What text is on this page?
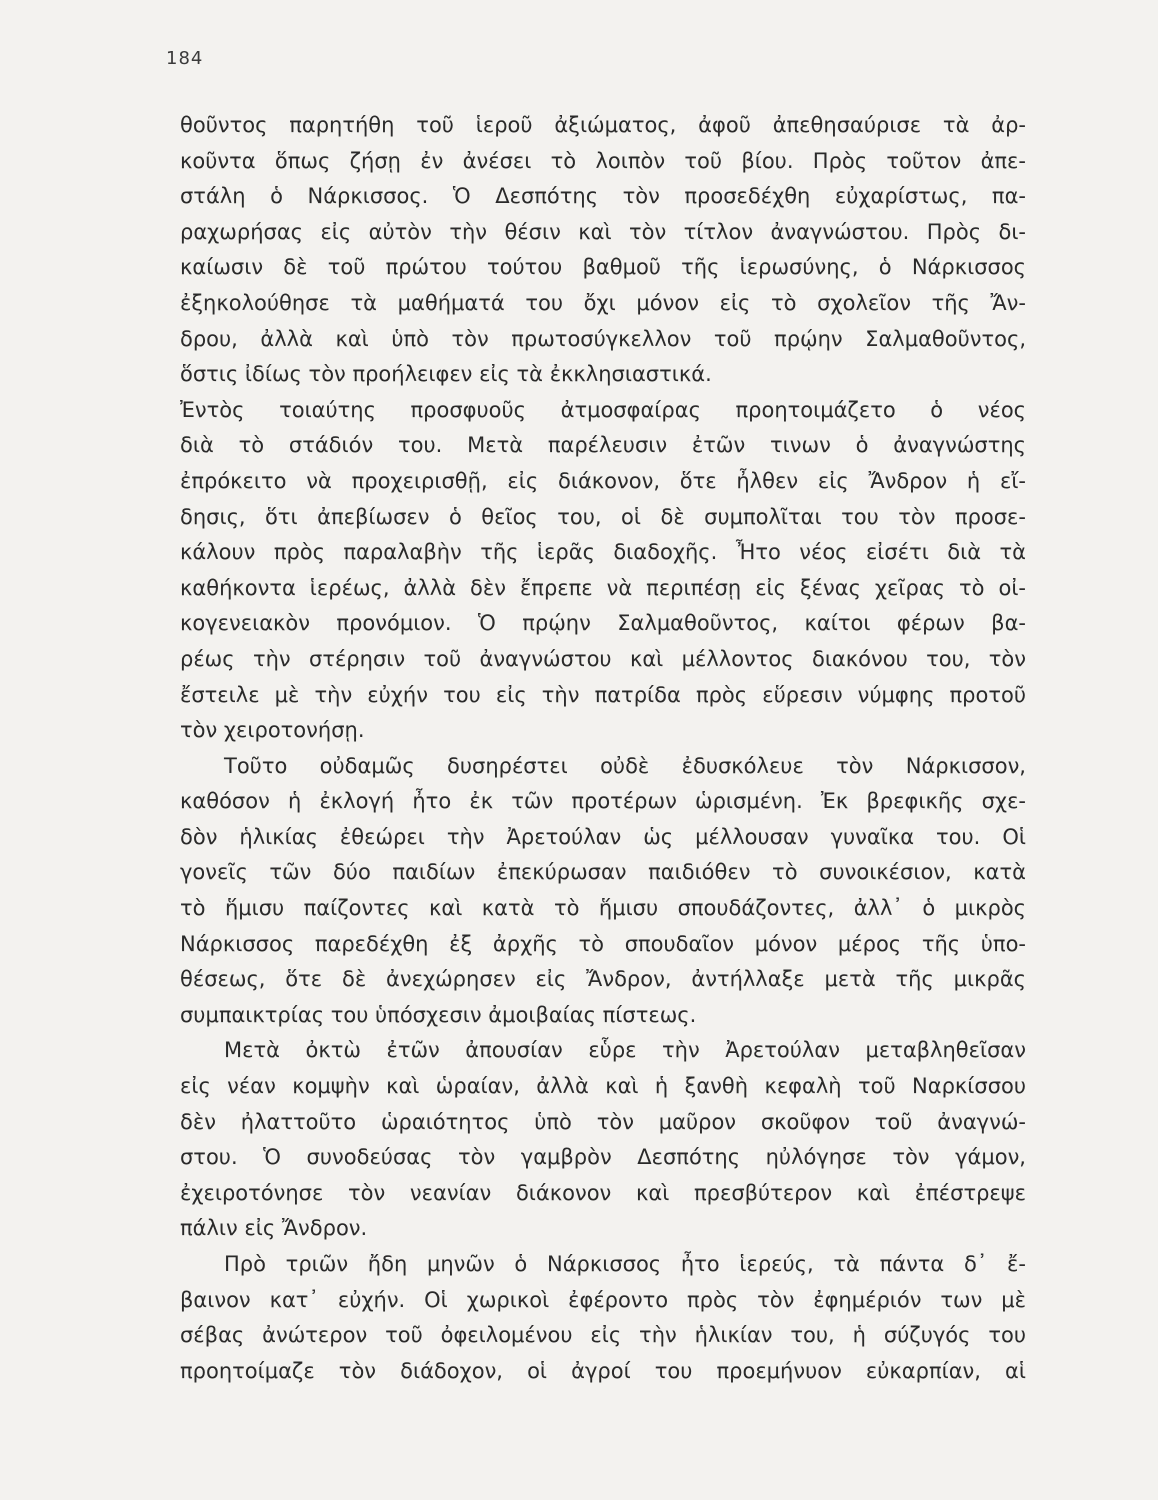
184
θοῦντος παρητήθη τοῦ ἱεροῦ ἀξιώματος, ἀφοῦ ἀπεθησαύρισε τὰ ἀρ-
κοῦντα ὅπως ζήσῃ ἐν ἀνέσει τὸ λοιπὸν τοῦ βίου. Πρὸς τοῦτον ἀπε-
στάλη ὁ Νάρκισσος. Ὁ Δεσπότης τὸν προσεδέχθη εὐχαρίστως, πα-
ραχωρήσας εἰς αὐτὸν τὴν θέσιν καὶ τὸν τίτλον ἀναγνώστου. Πρὸς δι-
καίωσιν δὲ τοῦ πρώτου τούτου βαθμοῦ τῆς ἱερωσύνης, ὁ Νάρκισσος
ἐξηκολούθησε τὰ μαθήματά του ὄχι μόνον εἰς τὸ σχολεῖον τῆς Ἄν-
δρου, ἀλλὰ καὶ ὑπὸ τὸν πρωτοσύγκελλον τοῦ πρῴην Σαλμαθοῦντος,
ὅστις ἰδίως τὸν προήλειφεν εἰς τὰ ἐκκλησιαστικά.
Ἐντὸς τοιαύτης προσφυοῦς ἀτμοσφαίρας προητοιμάζετο ὁ νέος
διὰ τὸ στάδιόν του. Μετὰ παρέλευσιν ἐτῶν τινων ὁ ἀναγνώστης
ἐπρόκειτο νὰ προχειρισθῇ, εἰς διάκονον, ὅτε ἦλθεν εἰς Ἄνδρον ἡ εἴ-
δησις, ὅτι ἀπεβίωσεν ὁ θεῖος του, οἱ δὲ συμπολῖται του τὸν προσε-
κάλουν πρὸς παραλαβὴν τῆς ἱερᾶς διαδοχῆς. Ἦτο νέος εἰσέτι διὰ τὰ
καθήκοντα ἱερέως, ἀλλὰ δὲν ἔπρεπε νὰ περιπέσῃ εἰς ξένας χεῖρας τὸ οἰ-
κογενειακὸν προνόμιον. Ὁ πρῴην Σαλμαθοῦντος, καίτοι φέρων βα-
ρέως τὴν στέρησιν τοῦ ἀναγνώστου καὶ μέλλοντος διακόνου του, τὸν
ἔστειλε μὲ τὴν εὐχήν του εἰς τὴν πατρίδα πρὸς εὕρεσιν νύμφης προτοῦ
τὸν χειροτονήσῃ.
Τοῦτο οὐδαμῶς δυσηρέστει οὐδὲ ἐδυσκόλευε τὸν Νάρκισσον,
καθόσον ἡ ἐκλογή ἦτο ἐκ τῶν προτέρων ὡρισμένη. Ἐκ βρεφικῆς σχε-
δὸν ἡλικίας ἐθεώρει τὴν Ἀρετούλαν ὡς μέλλουσαν γυναῖκα του. Οἱ
γονεῖς τῶν δύο παιδίων ἐπεκύρωσαν παιδιόθεν τὸ συνοικέσιον, κατὰ
τὸ ἥμισυ παίζοντες καὶ κατὰ τὸ ἥμισυ σπουδάζοντες, ἀλλ᾽ ὁ μικρὸς
Νάρκισσος παρεδέχθη ἐξ ἀρχῆς τὸ σπουδαῖον μόνον μέρος τῆς ὑπο-
θέσεως, ὅτε δὲ ἀνεχώρησεν εἰς Ἄνδρον, ἀντήλλαξε μετὰ τῆς μικρᾶς
συμπαικτρίας του ὑπόσχεσιν ἀμοιβαίας πίστεως.
Μετὰ ὀκτὼ ἐτῶν ἀπουσίαν εὗρε τὴν Ἀρετούλαν μεταβληθεῖσαν
εἰς νέαν κομψὴν καὶ ὡραίαν, ἀλλὰ καὶ ἡ ξανθὴ κεφαλὴ τοῦ Ναρκίσσου
δὲν ἠλαττοῦτο ὡραιότητος ὑπὸ τὸν μαῦρον σκοῦφον τοῦ ἀναγνώ-
στου. Ὁ συνοδεύσας τὸν γαμβρὸν Δεσπότης ηὐλόγησε τὸν γάμον,
ἐχειροτόνησε τὸν νεανίαν διάκονον καὶ πρεσβύτερον καὶ ἐπέστρεψε
πάλιν εἰς Ἄνδρον.
Πρὸ τριῶν ἤδη μηνῶν ὁ Νάρκισσος ἦτο ἱερεύς, τὰ πάντα δ᾽ ἔ-
βαινον κατ᾽ εὐχήν. Οἱ χωρικοὶ ἐφέροντο πρὸς τὸν ἐφημέριόν των μὲ
σέβας ἀνώτερον τοῦ ὀφειλομένου εἰς τὴν ἡλικίαν του, ἡ σύζυγός του
προητοίμαζε τὸν διάδοχον, οἱ ἀγροί του προεμήνυον εὐκαρπίαν, αἱ
